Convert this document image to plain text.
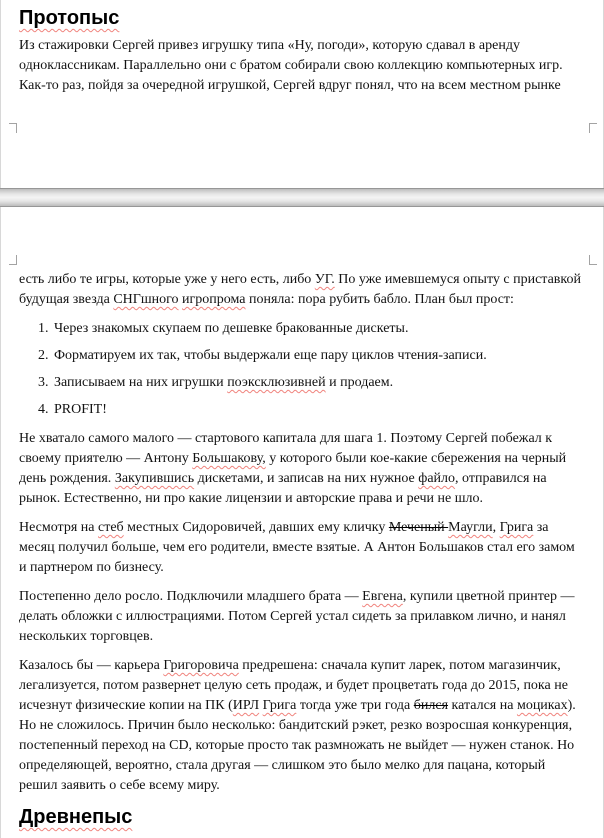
Протопыс
Из стажировки Сергей привез игрушку типа «Ну, погоди», которую сдавал в аренду
одноклассникам. Параллельно они с братом собирали свою коллекцию компьютерных игр.
Как-то раз, пойдя за очередной игрушкой, Сергей вдруг понял, что на всем местном рынке
есть либо те игры, которые уже у него есть, либо УГ. По уже имевшемуся опыту с приставкой
будущая звезда СНГшного игропрома поняла: пора рубить бабло. План был прост:
1. Через знакомых скупаем по дешевке бракованные дискеты.
2. Форматируем их так, чтобы выдержали еще пару циклов чтения-записи.
3. Записываем на них игрушки поэксклюзивней и продаем.
4. PROFIT!
Не хватало самого малого — стартового капитала для шага 1. Поэтому Сергей побежал к
своему приятелю — Антону Большакову, у которого были кое-какие сбережения на черный
день рождения. Закупившись дискетами, и записав на них нужное файло, отправился на
рынок. Естественно, ни про какие лицензии и авторские права и речи не шло.
Несмотря на стеб местных Сидоровичей, давших ему кличку Меченый Маугли, Грига за
месяц получил больше, чем его родители, вместе взятые. А Антон Большаков стал его замом
и партнером по бизнесу.
Постепенно дело росло. Подключили младшего брата — Евгена, купили цветной принтер —
делать обложки с иллюстрациями. Потом Сергей устал сидеть за прилавком лично, и нанял
нескольких торговцев.
Казалось бы — карьера Григоровича предрешена: сначала купит ларек, потом магазинчик,
легализуется, потом развернет целую сеть продаж, и будет процветать года до 2015, пока не
исчезнут физические копии на ПК (ИРЛ Грига тогда уже три года бился катался на моциках).
Но не сложилось. Причин было несколько: бандитский рэкет, резко возросшая конкуренция,
постепенный переход на CD, которые просто так размножать не выйдет — нужен станок. Но
определяющей, вероятно, стала другая — слишком это было мелко для пацана, который
решил заявить о себе всему миру.
Древнепыс
